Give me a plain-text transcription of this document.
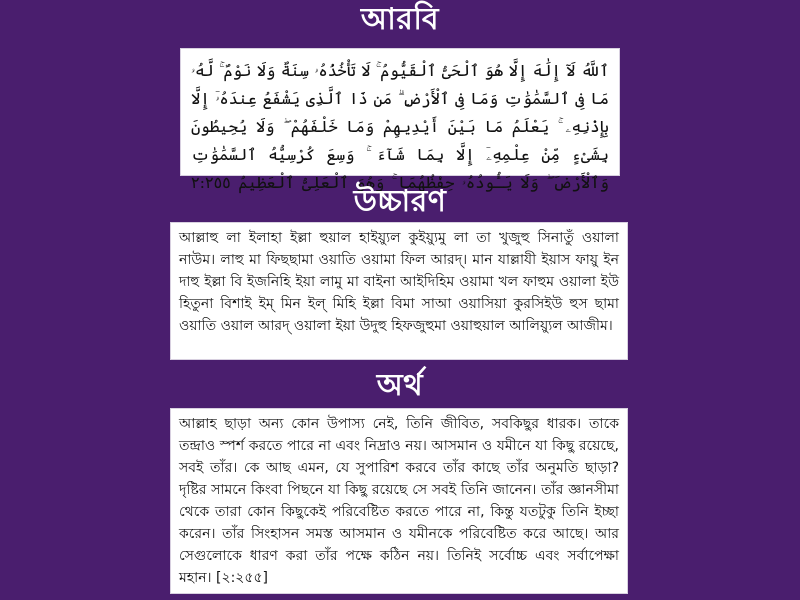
আরবি

ٱللَّهُ لَآ إِلَٰهَ إِلَّا هُوَ ٱلْحَىُّ ٱلْقَيُّومُ ۚ لَا تَأْخُذُهُۥ سِنَةٌ وَلَا نَوْمٌ ۚ لَّهُۥ مَا فِى ٱلسَّمَٰوَٰتِ وَمَا فِى ٱلْأَرْضِ ۗ مَن ذَا ٱلَّذِى يَشْفَعُ عِندَهُۥٓ إِلَّا بِإِذْنِهِۦ ۚ يَعْلَمُ مَا بَيْنَ أَيْدِيهِمْ وَمَا خَلْفَهُمْ ۖ وَلَا يُحِيطُونَ بِشَىْءٍ مِّنْ عِلْمِهِۦٓ إِلَّا بِمَا شَآءَ ۚ وَسِعَ كُرْسِيُّهُ ٱلسَّمَٰوَٰتِ وَٱلْأَرْضَ ۖ وَلَا يَـُٔودُهُۥ حِفْظُهُمَا ۚ وَهُوَ ٱلْعَلِىُّ ٱلْعَظِيمُ ٢:٢٥٥

উচ্চারণ

আল্লাহু লা ইলাহা ইল্লা হুয়াল হাইয়্যুল কুইয়্যুমু লা তা খুজুহু সিনাতুঁ ওয়ালা নাউম। লাহু মা ফিছছামা ওয়াতি ওয়ামা ফিল আরদ্। মান যাল্লাযী ইয়াস ফায়ু ইন দাহু ইল্লা বি ইজনিহি ইয়া লামু মা বাইনা আইদিহিম ওয়ামা খল ফাহুম ওয়ালা ইউ হিতুনা বিশাই ইম্ মিন ইল্ মিহি ইল্লা বিমা সাআ ওয়াসিয়া কুরসিইউ হুস ছামা ওয়াতি ওয়াল আরদ্ ওয়ালা ইয়া উদুহু হিফজুহুমা ওয়াহুয়াল আলিয়্যুল আজীম।

অর্থ

আল্লাহ ছাড়া অন্য কোন উপাস্য নেই, তিনি জীবিত, সবকিছুর ধারক। তাকে তন্দ্রাও স্পর্শ করতে পারে না এবং নিদ্রাও নয়। আসমান ও যমীনে যা কিছু রয়েছে, সবই তাঁর। কে আছ এমন, যে সুপারিশ করবে তাঁর কাছে তাঁর অনুমতি ছাড়া? দৃষ্টির সামনে কিংবা পিছনে যা কিছু রয়েছে সে সবই তিনি জানেন। তাঁর জ্ঞানসীমা থেকে তারা কোন কিছুকেই পরিবেষ্টিত করতে পারে না, কিন্তু যতটুকু তিনি ইচ্ছা করেন। তাঁর সিংহাসন সমস্ত আসমান ও যমীনকে পরিবেষ্টিত করে আছে। আর সেগুলোকে ধারণ করা তাঁর পক্ষে কঠিন নয়। তিনিই সর্বোচ্চ এবং সর্বাপেক্ষা মহান। [২:২৫৫]
